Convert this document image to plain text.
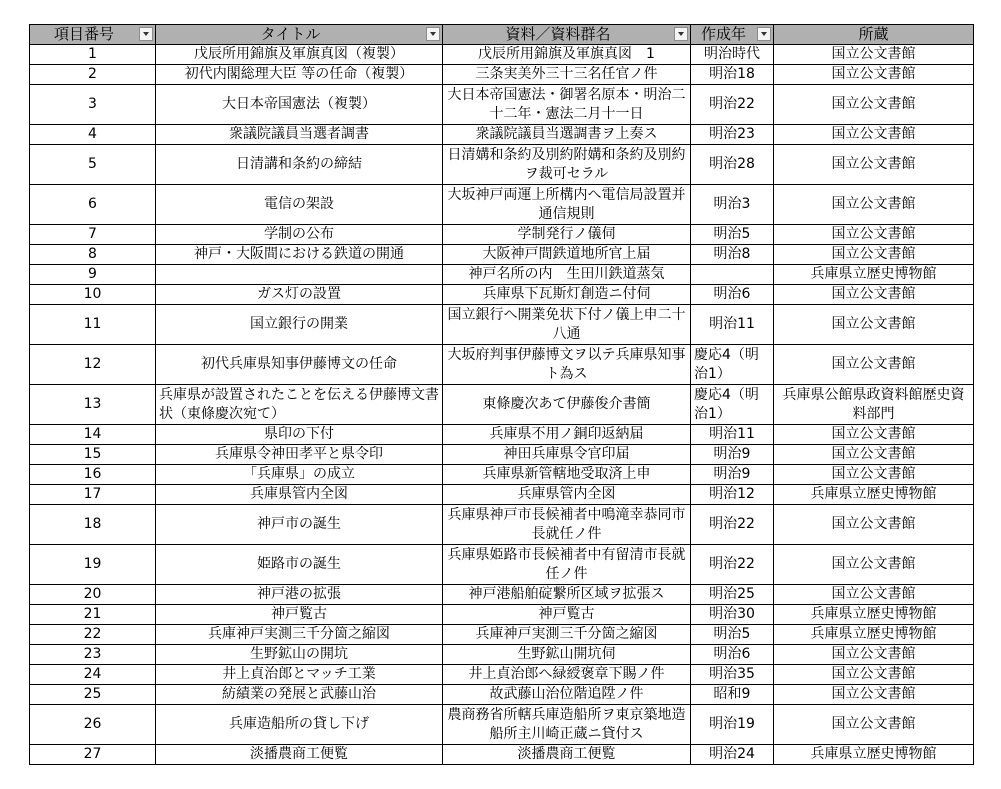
項目番号	タイトル	資料／資料群名	作成年	所蔵
1	戊辰所用錦旗及軍旗真図（複製）	戊辰所用錦旗及軍旗真図　1	明治時代	国立公文書館
2	初代内閣総理大臣 等の任命（複製）	三条実美外三十三名任官ノ件	明治18	国立公文書館
3	大日本帝国憲法（複製）	大日本帝国憲法・御署名原本・明治二十二年・憲法二月十一日	明治22	国立公文書館
4	衆議院議員当選者調書	衆議院議員当選調書ヲ上奏ス	明治23	国立公文書館
5	日清講和条約の締結	日清媾和条約及別約附媾和条約及別約ヲ裁可セラル	明治28	国立公文書館
6	電信の架設	大坂神戸両運上所構内へ電信局設置并通信規則	明治3	国立公文書館
7	学制の公布	学制発行ノ儀伺	明治5	国立公文書館
8	神戸・大阪間における鉄道の開通	大阪神戸間鉄道地所官上届	明治8	国立公文書館
9		神戸名所の内　生田川鉄道蒸気		兵庫県立歴史博物館
10	ガス灯の設置	兵庫県下瓦斯灯創造ニ付伺	明治6	国立公文書館
11	国立銀行の開業	国立銀行へ開業免状下付ノ儀上申二十八通	明治11	国立公文書館
12	初代兵庫県知事伊藤博文の任命	大坂府判事伊藤博文ヲ以テ兵庫県知事ト為ス	慶応4（明治1）	国立公文書館
13	兵庫県が設置されたことを伝える伊藤博文書状（東條慶次宛て）	東條慶次あて伊藤俊介書簡	慶応4（明治1）	兵庫県公館県政資料館歴史資料部門
14	県印の下付	兵庫県不用ノ銅印返納届	明治11	国立公文書館
15	兵庫県令神田孝平と県令印	神田兵庫県令官印届	明治9	国立公文書館
16	「兵庫県」の成立	兵庫県新管轄地受取済上申	明治9	国立公文書館
17	兵庫県管内全図	兵庫県管内全図	明治12	兵庫県立歴史博物館
18	神戸市の誕生	兵庫県神戸市長候補者中鳴滝幸恭同市長就任ノ件	明治22	国立公文書館
19	姫路市の誕生	兵庫県姫路市長候補者中有留清市長就任ノ件	明治22	国立公文書館
20	神戸港の拡張	神戸港船舶碇繋所区域ヲ拡張ス	明治25	国立公文書館
21	神戸覧古	神戸覧古	明治30	兵庫県立歴史博物館
22	兵庫神戸実測三千分箇之縮図	兵庫神戸実測三千分箇之縮図	明治5	兵庫県立歴史博物館
23	生野鉱山の開坑	生野鉱山開坑伺	明治6	国立公文書館
24	井上貞治郎とマッチ工業	井上貞治郎へ緑綬褒章下賜ノ件	明治35	国立公文書館
25	紡績業の発展と武藤山治	故武藤山治位階追陞ノ件	昭和9	国立公文書館
26	兵庫造船所の貸し下げ	農商務省所轄兵庫造船所ヲ東京築地造船所主川崎正蔵ニ貸付ス	明治19	国立公文書館
27	淡播農商工便覧	淡播農商工便覧	明治24	兵庫県立歴史博物館
